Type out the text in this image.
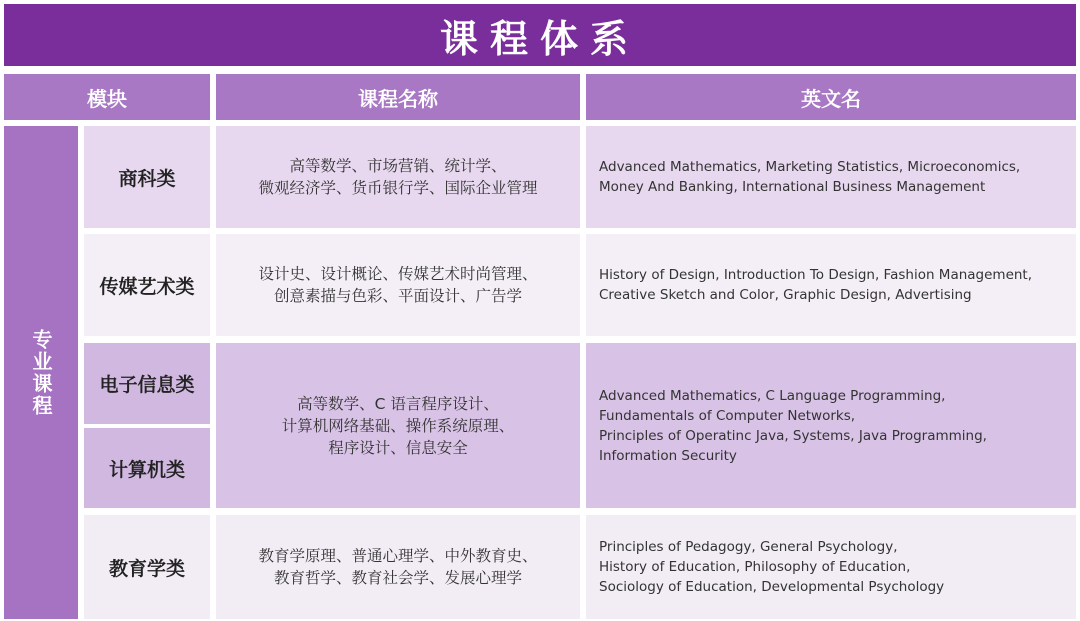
课程体系
模块	课程名称	英文名
专业课程
商科类
高等数学、市场营销、统计学、
微观经济学、货币银行学、国际企业管理
Advanced Mathematics, Marketing Statistics, Microeconomics,
Money And Banking, International Business Management
传媒艺术类
设计史、设计概论、传媒艺术时尚管理、
创意素描与色彩、平面设计、广告学
History of Design, Introduction To Design, Fashion Management,
Creative Sketch and Color, Graphic Design, Advertising
电子信息类
计算机类
高等数学、C 语言程序设计、
计算机网络基础、操作系统原理、
程序设计、信息安全
Advanced Mathematics, C Language Programming,
Fundamentals of Computer Networks,
Principles of Operatinc Java, Systems, Java Programming,
Information Security
教育学类
教育学原理、普通心理学、中外教育史、
教育哲学、教育社会学、发展心理学
Principles of Pedagogy, General Psychology,
History of Education, Philosophy of Education,
Sociology of Education, Developmental Psychology
